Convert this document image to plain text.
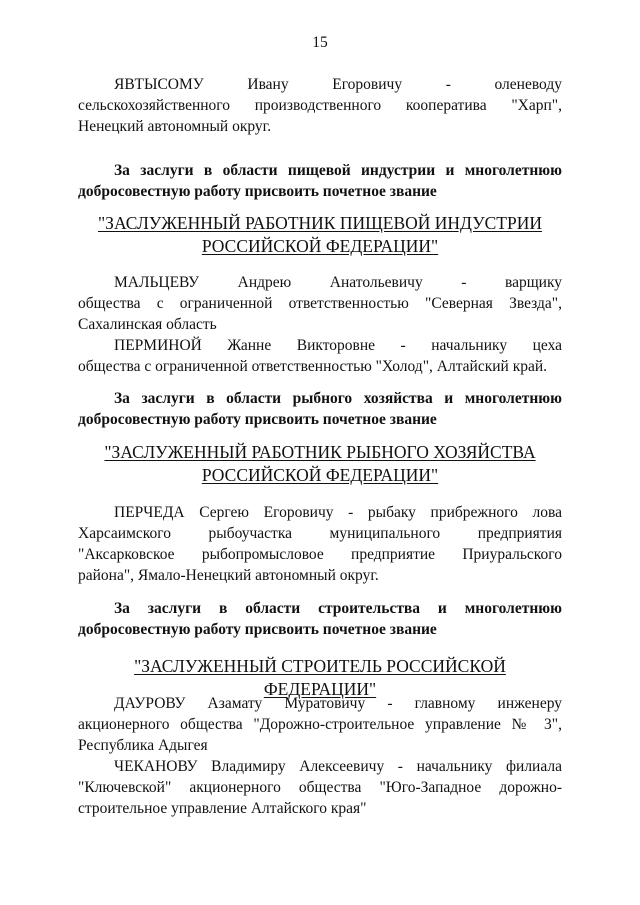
15
ЯВТЫСОМУ Ивану Егоровичу - оленеводу
сельскохозяйственного производственного кооператива "Харп",
Ненецкий автономный округ.
За заслуги в области пищевой индустрии и многолетнюю
добросовестную работу присвоить почетное звание
"ЗАСЛУЖЕННЫЙ РАБОТНИК ПИЩЕВОЙ ИНДУСТРИИ
РОССИЙСКОЙ ФЕДЕРАЦИИ"
МАЛЬЦЕВУ Андрею Анатольевичу - варщику
общества с ограниченной ответственностью "Северная Звезда",
Сахалинская область
ПЕРМИНОЙ Жанне Викторовне - начальнику цеха
общества с ограниченной ответственностью "Холод", Алтайский край.
За заслуги в области рыбного хозяйства и многолетнюю
добросовестную работу присвоить почетное звание
"ЗАСЛУЖЕННЫЙ РАБОТНИК РЫБНОГО ХОЗЯЙСТВА
РОССИЙСКОЙ ФЕДЕРАЦИИ"
ПЕРЧЕДА Сергею Егоровичу - рыбаку прибрежного лова
Харсаимского рыбоучастка муниципального предприятия
"Аксарковское рыбопромысловое предприятие Приуральского
района", Ямало-Ненецкий автономный округ.
За заслуги в области строительства и многолетнюю
добросовестную работу присвоить почетное звание
"ЗАСЛУЖЕННЫЙ СТРОИТЕЛЬ РОССИЙСКОЙ ФЕДЕРАЦИИ"
ДАУРОВУ Азамату Муратовичу - главному инженеру
акционерного общества "Дорожно-строительное управление № 3",
Республика Адыгея
ЧЕКАНОВУ Владимиру Алексеевичу - начальнику филиала
"Ключевской" акционерного общества "Юго-Западное дорожно-
строительное управление Алтайского края"
